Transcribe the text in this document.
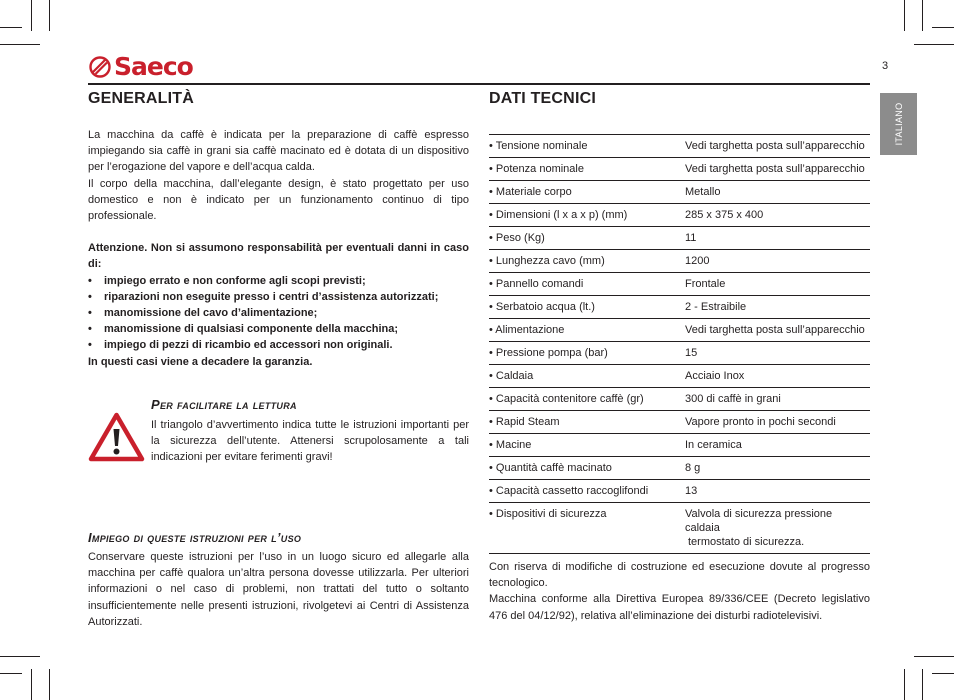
Saeco	3
ITALIANO
GENERALITÀ

La macchina da caffè è indicata per la preparazione di caffè espresso impiegando sia caffè in grani sia caffè macinato ed è dotata di un dispositivo per l’erogazione del vapore e dell’acqua calda.

Il corpo della macchina, dall’elegante design, è stato progettato per uso domestico e non è indicato per un funzionamento continuo di tipo professionale.

Attenzione. Non si assumono responsabilità per eventuali danni in caso di:

• impiego errato e non conforme agli scopi previsti;
• riparazioni non eseguite presso i centri d’assistenza autorizzati;
• manomissione del cavo d’alimentazione;
• manomissione di qualsiasi componente della macchina;
• impiego di pezzi di ricambio ed accessori non originali.

In questi casi viene a decadere la garanzia.

Per facilitare la lettura
Il triangolo d’avvertimento indica tutte le istruzioni importanti per la sicurezza dell’utente. Attenersi scrupolosamente a tali indicazioni per evitare ferimenti gravi!
Impiego di queste istruzioni per l’uso
Conservare queste istruzioni per l’uso in un luogo sicuro ed allegarle alla macchina per caffè qualora un’altra persona dovesse utilizzarla. Per ulteriori informazioni o nel caso di problemi, non trattati del tutto o soltanto insufficientemente nelle presenti istruzioni, rivolgetevi ai Centri di Assistenza Autorizzati.
DATI TECNICI
• Tensione nominale	Vedi targhetta posta sull’apparecchio
• Potenza nominale	Vedi targhetta posta sull’apparecchio
• Materiale corpo	Metallo
• Dimensioni (l x a x p) (mm)	285 x 375 x 400
• Peso (Kg)	11
• Lunghezza cavo (mm)	1200
• Pannello comandi	Frontale
• Serbatoio acqua (lt.)	2 - Estraibile
• Alimentazione	Vedi targhetta posta sull’apparecchio
• Pressione pompa (bar)	15
• Caldaia	Acciaio Inox
• Capacità contenitore caffè (gr)	300 di caffè in grani
• Rapid Steam	Vapore pronto in pochi secondi
• Macine	In ceramica
• Quantità caffè macinato	8 g
• Capacità cassetto raccoglifondi	13
• Dispositivi di sicurezza	Valvola di sicurezza pressione caldaia
termostato di sicurezza.

Con riserva di modifiche di costruzione ed esecuzione dovute al progresso tecnologico.

Macchina conforme alla Direttiva Europea 89/336/CEE (Decreto legislativo 476 del 04/12/92), relativa all’eliminazione dei disturbi radiotelevisivi.
